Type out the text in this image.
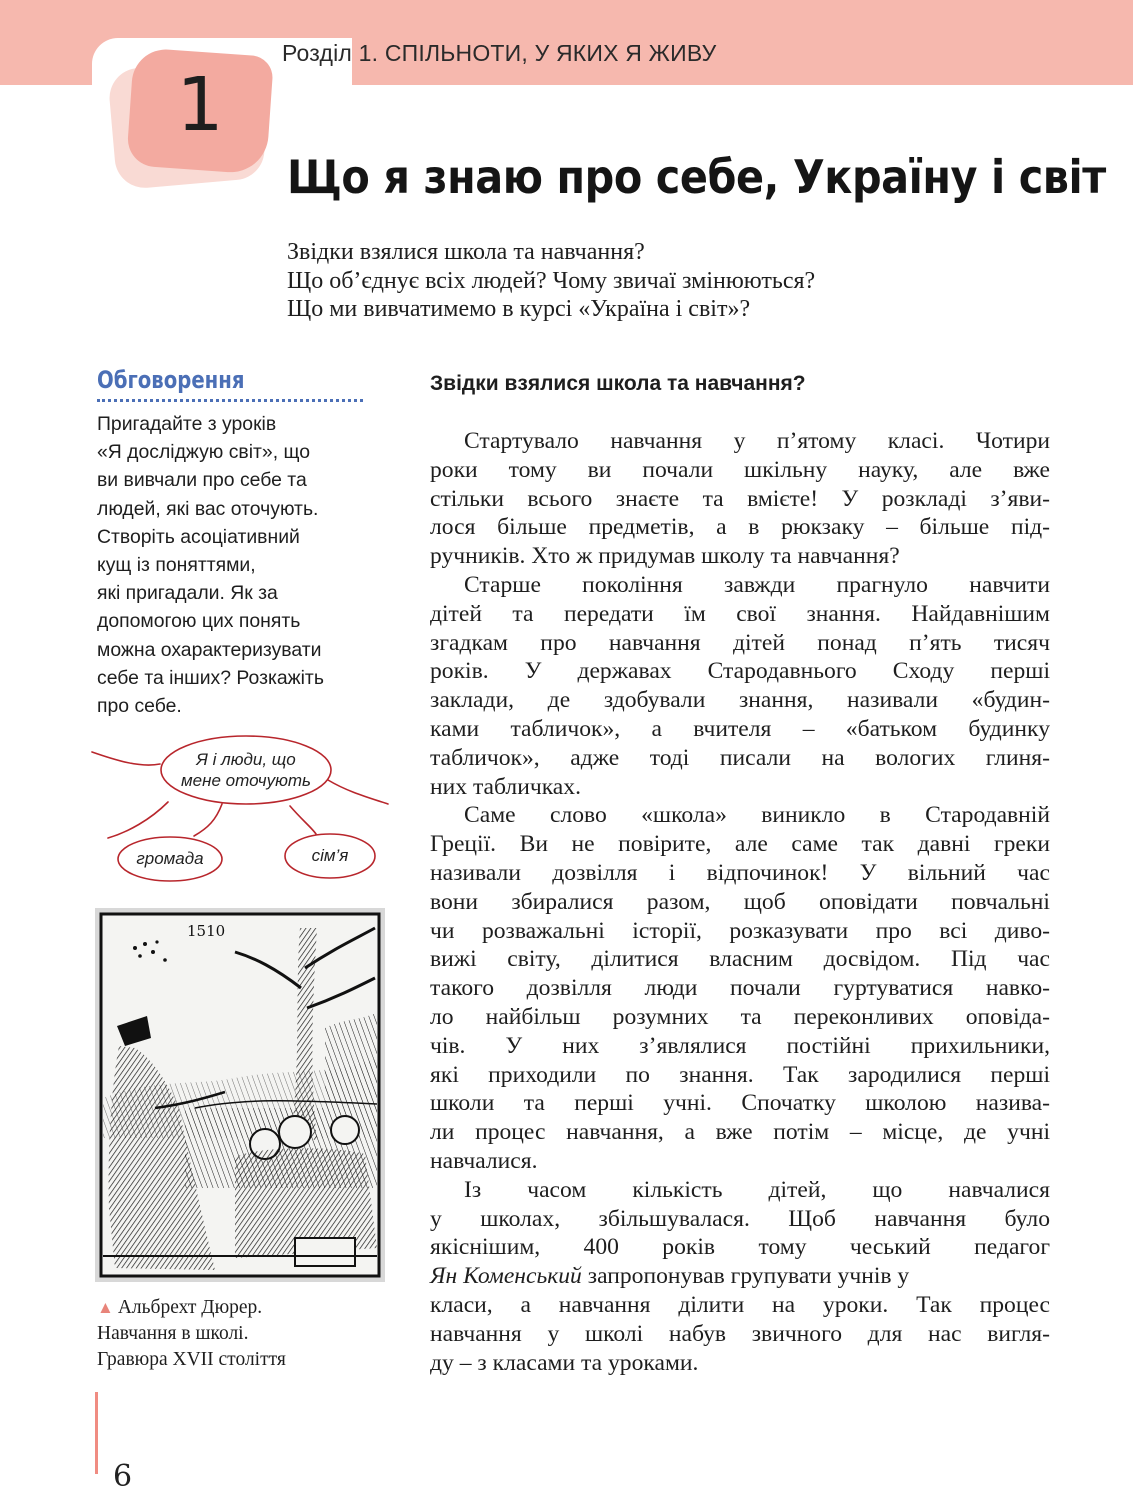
Розділ 1. СПІЛЬНОТИ, У ЯКИХ Я ЖИВУ
1
Що я знаю про себе, Україну і світ
Звідки взялися школа та навчання?
Що об’єднує всіх людей? Чому звичаї змінюються?
Що ми вивчатимемо в курсі «Україна і світ»?
Обговорення
Пригадайте з уроків
«Я досліджую світ», що
ви вивчали про себе та
людей, які вас оточують.
Створіть асоціативний
кущ із поняттями,
які пригадали. Як за
допомогою цих понять
можна охарактеризувати
себе та інших? Розкажіть
про себе.
Я і люди, що
мене оточують
громада	сім’я
1510
▲ Альбрехт Дюрер.
Навчання в школі.
Гравюра XVII століття
6
Звідки взялися школа та навчання?
Стартувало навчання у п’ятому класі. Чотири
роки тому ви почали шкільну науку, але вже
стільки всього знаєте та вмієте! У розкладі з’яви-
лося більше предметів, а в рюкзаку – більше під-
ручників. Хто ж придумав школу та навчання?
Старше покоління завжди прагнуло навчити
дітей та передати їм свої знання. Найдавнішим
згадкам про навчання дітей понад п’ять тисяч
років. У державах Стародавнього Сходу перші
заклади, де здобували знання, називали «будин-
ками табличок», а вчителя – «батьком будинку
табличок», адже тоді писали на вологих глиня-
них табличках.
Саме слово «школа» виникло в Стародавній
Греції. Ви не повірите, але саме так давні греки
називали дозвілля і відпочинок! У вільний час
вони збиралися разом, щоб оповідати повчальні
чи розважальні історії, розказувати про всі диво-
вижі світу, ділитися власним досвідом. Під час
такого дозвілля люди почали гуртуватися навко-
ло найбільш розумних та переконливих оповіда-
чів. У них з’являлися постійні прихильники,
які приходили по знання. Так зародилися перші
школи та перші учні. Спочатку школою назива-
ли процес навчання, а вже потім – місце, де учні
навчалися.
Із часом кількість дітей, що навчалися
у школах, збільшувалася. Щоб навчання було
якіснішим, 400 років тому чеський педагог
Ян Коменський запропонував групувати учнів у
класи, а навчання ділити на уроки. Так процес
навчання у школі набув звичного для нас вигля-
ду – з класами та уроками.
